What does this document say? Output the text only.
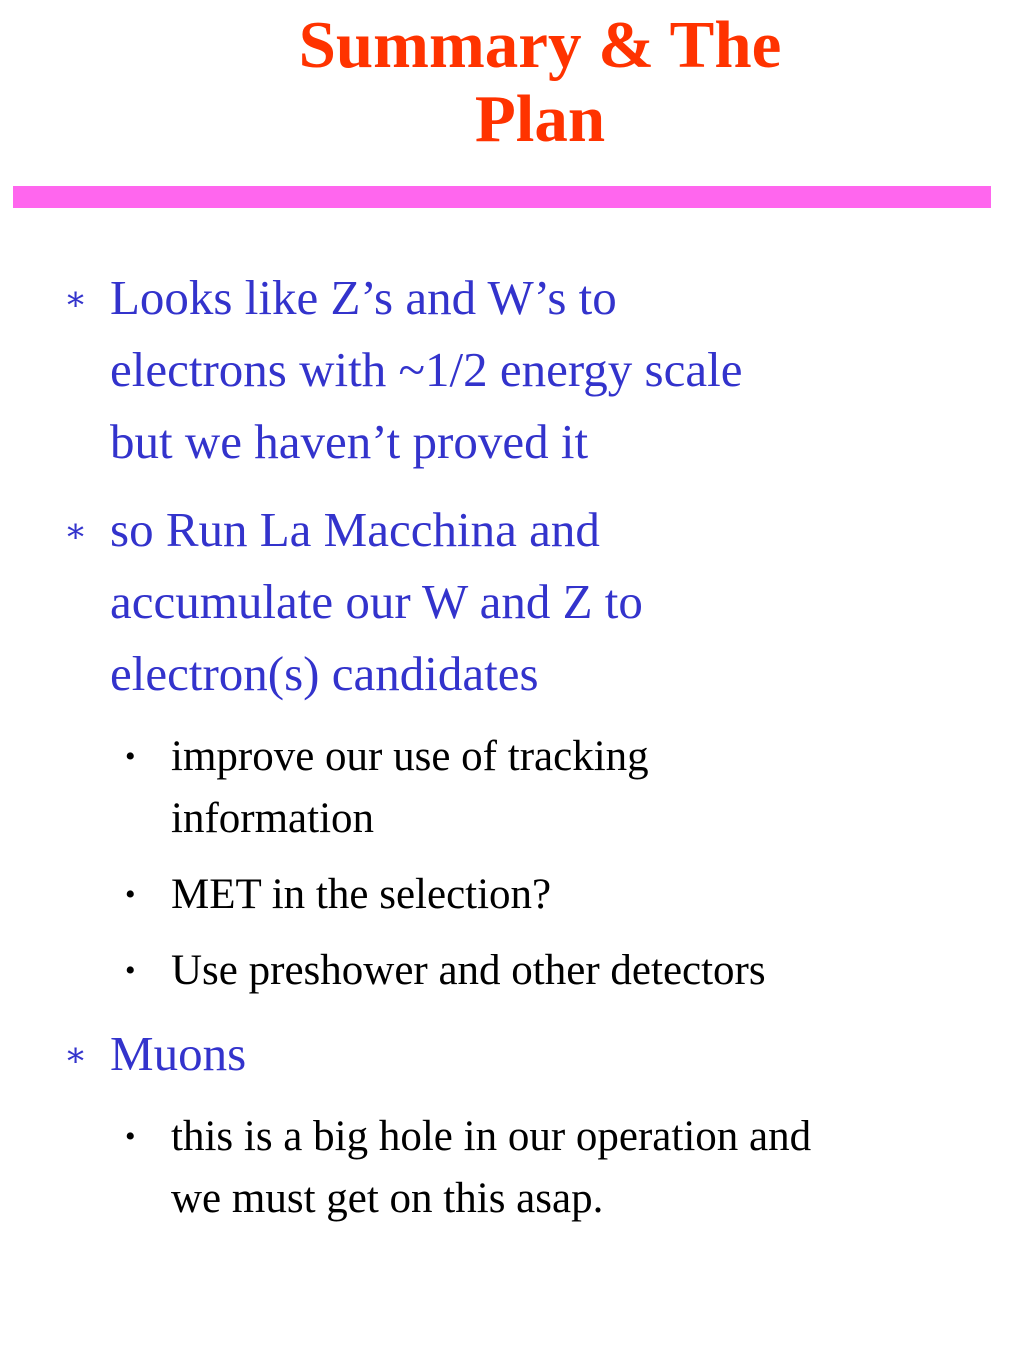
Summary & The
Plan
∗ Looks like Z’s and W’s to
electrons with ~1/2 energy scale
but we haven’t proved it
∗ so Run La Macchina and
accumulate our W and Z to
electron(s) candidates
• improve our use of tracking
information
• MET in the selection?
• Use preshower and other detectors
∗ Muons
• this is a big hole in our operation and
we must get on this asap.
